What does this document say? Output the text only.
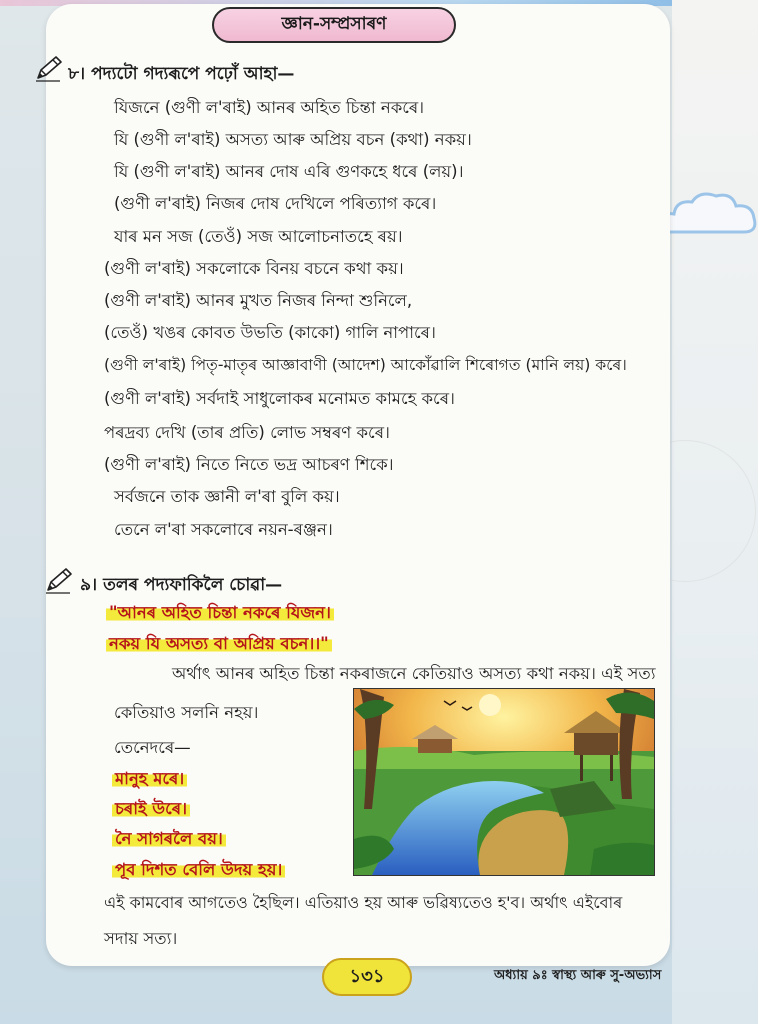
জ্ঞান-সম্প্ৰসাৰণ
৮। পদ্যটো গদ্যৰূপে পঢ়োঁ আহা—
যিজনে (গুণী ল'ৰাই) আনৰ অহিত চিন্তা নকৰে।
যি (গুণী ল'ৰাই) অসত্য আৰু অপ্ৰিয় বচন (কথা) নকয়।
যি (গুণী ল'ৰাই) আনৰ দোষ এৰি গুণকহে ধৰে (লয়)।
(গুণী ল'ৰাই) নিজৰ দোষ দেখিলে পৰিত্যাগ কৰে।
যাৰ মন সজ (তেওঁ) সজ আলোচনাতহে ৰয়।
(গুণী ল'ৰাই) সকলোকে বিনয় বচনে কথা কয়।
(গুণী ল'ৰাই) আনৰ মুখত নিজৰ নিন্দা শুনিলে,
(তেওঁ) খঙৰ কোবত উভতি (কাকো) গালি নাপাৰে।
(গুণী ল'ৰাই) পিতৃ-মাতৃৰ আজ্ঞাবাণী (আদেশ) আকোঁৱালি শিৰোগত (মানি লয়) কৰে।
(গুণী ল'ৰাই) সৰ্বদাই সাধুলোকৰ মনোমত কামহে কৰে।
পৰদ্ৰব্য দেখি (তাৰ প্ৰতি) লোভ সম্বৰণ কৰে।
(গুণী ল'ৰাই) নিতে নিতে ভদ্ৰ আচৰণ শিকে।
সৰ্বজনে তাক জ্ঞানী ল'ৰা বুলি কয়।
তেনে ল'ৰা সকলোৰে নয়ন-ৰঞ্জন।
৯। তলৰ পদ্যফাকিলৈ চোৱা—
"আনৰ অহিত চিন্তা নকৰে যিজন।
নকয় যি অসত্য বা অপ্ৰিয় বচন।।"
অৰ্থাৎ আনৰ অহিত চিন্তা নকৰাজনে কেতিয়াও অসত্য কথা নকয়। এই সত্য
কেতিয়াও সলনি নহয়।
তেনেদৰে—
মানুহ মৰে।
চৰাই উৰে।
নৈ সাগৰলৈ বয়।
পূব দিশত বেলি উদয় হয়।
এই কামবোৰ আগতেও হৈছিল। এতিয়াও হয় আৰু ভৱিষ্যতেও হ'ব। অৰ্থাৎ এইবোৰ
সদায় সত্য।
১৩১	অধ্যায় ৯ঃ স্বাস্থ্য আৰু সু-অভ্যাস
